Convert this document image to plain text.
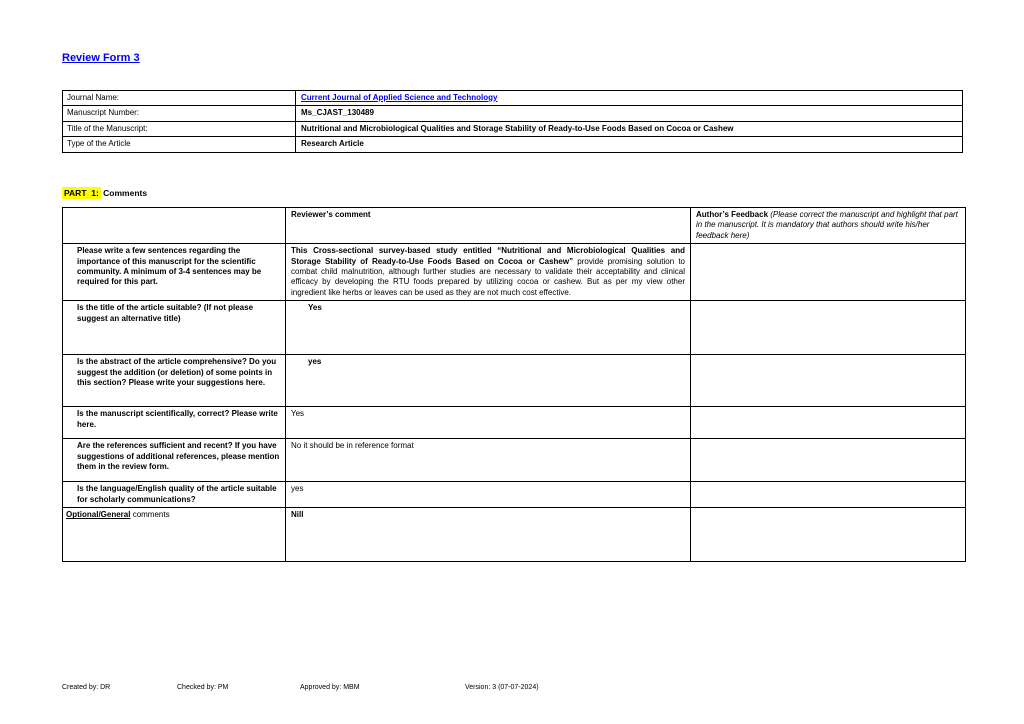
Review Form 3
Journal Name:	Current Journal of Applied Science and Technology
Manuscript Number:	Ms_CJAST_130489
Title of the Manuscript:	Nutritional and Microbiological Qualities and Storage Stability of Ready-to-Use Foods Based on Cocoa or Cashew
Type of the Article	Research Article
PART  1: Comments
	Reviewer’s comment	Author’s Feedback (Please correct the manuscript and highlight that part in the manuscript. It is mandatory that authors should write his/her feedback here)
Please write a few sentences regarding the importance of this manuscript for the scientific community. A minimum of 3-4 sentences may be required for this part.	This Cross-sectional survey-based study entitled “Nutritional and Microbiological Qualities and Storage Stability of Ready-to-Use Foods Based on Cocoa or Cashew” provide promising solution to combat child malnutrition, although further studies are necessary to validate their acceptability and clinical efficacy by developing the RTU foods prepared by utilizing cocoa or cashew. But as per my view other ingredient like herbs or leaves can be used as they are not much cost effective.	
Is the title of the article suitable? (If not please suggest an alternative title)	Yes	
Is the abstract of the article comprehensive? Do you suggest the addition (or deletion) of some points in this section? Please write your suggestions here.	yes	
Is the manuscript scientifically, correct? Please write here.	Yes	
Are the references sufficient and recent? If you have suggestions of additional references, please mention them in the review form.	No it should be in reference format	
Is the language/English quality of the article suitable for scholarly communications?	yes	
Optional/General comments	Nill	
Created by: DR	Checked by: PM	Approved by: MBM	Version: 3 (07-07-2024)
